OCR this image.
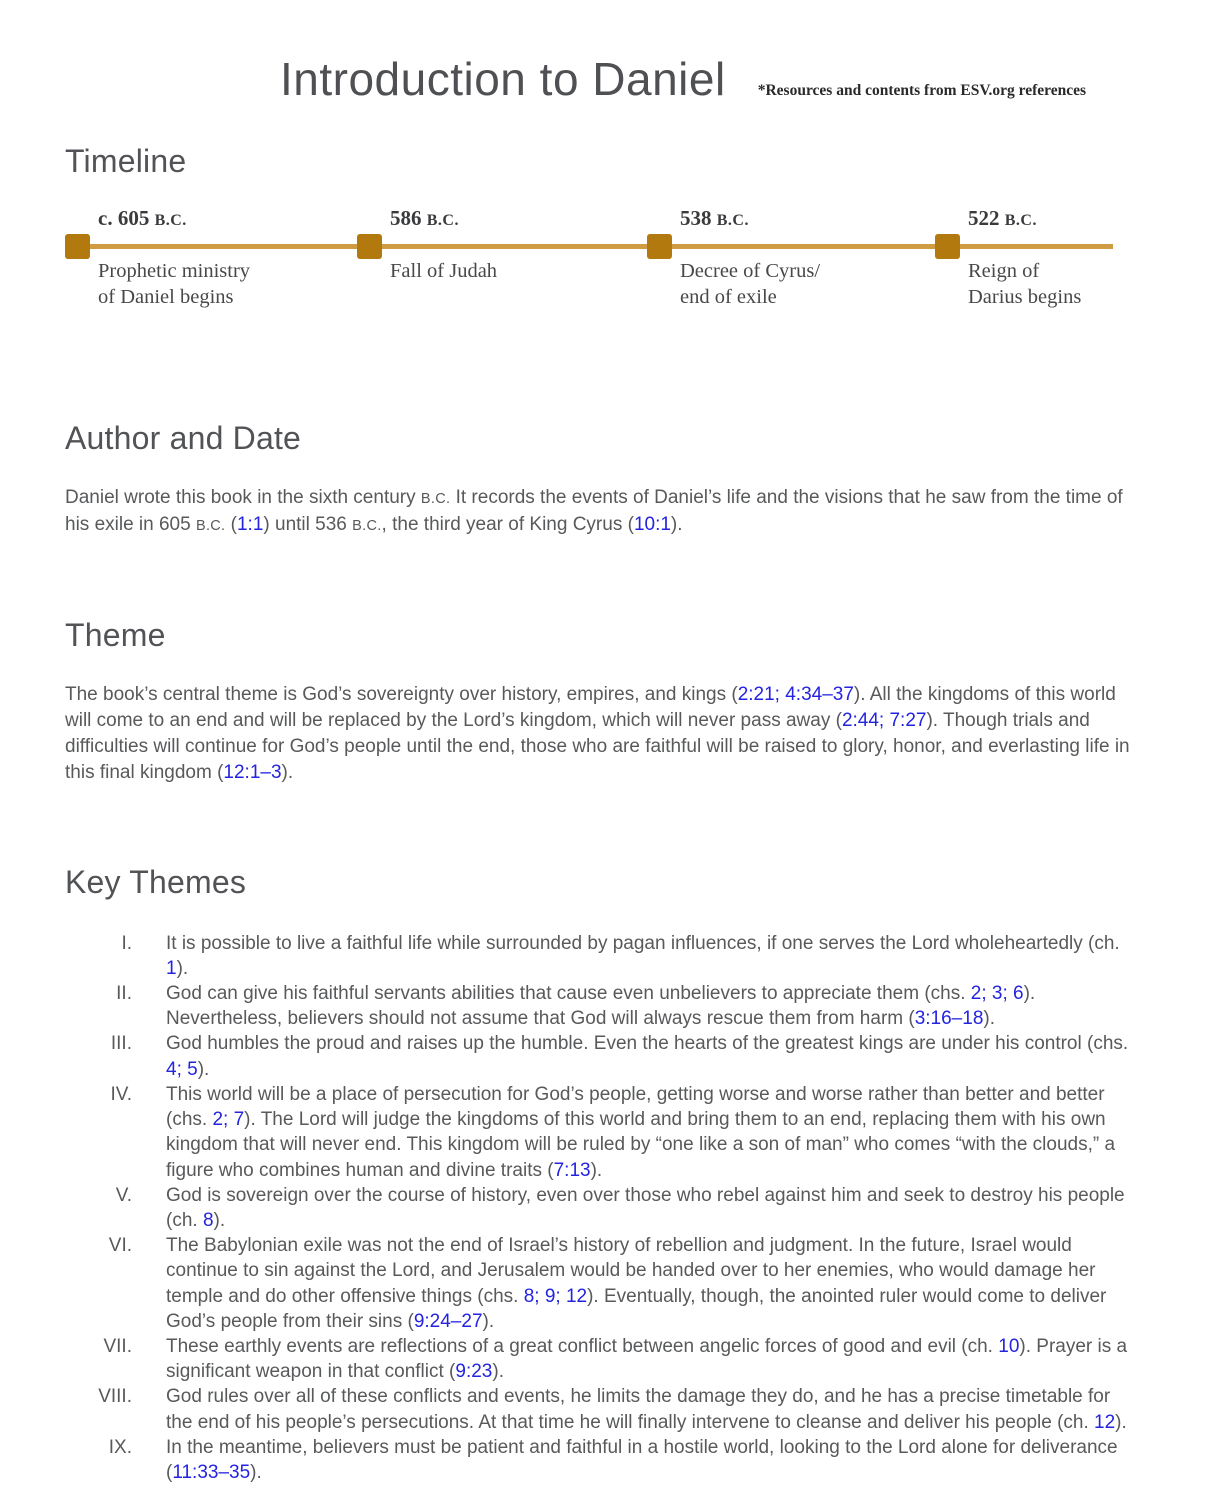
Introduction to Daniel *Resources and contents from ESV.org references
Timeline
c. 605 B.C.
Prophetic ministry
of Daniel begins
586 B.C.
Fall of Judah
538 B.C.
Decree of Cyrus/
end of exile
522 B.C.
Reign of
Darius begins
Author and Date

Daniel wrote this book in the sixth century B.C. It records the events of Daniel’s life and the visions that he saw from the time of his exile in 605 B.C. (1:1) until 536 B.C., the third year of King Cyrus (10:1).

Theme

The book’s central theme is God’s sovereignty over history, empires, and kings (2:21; 4:34–37). All the kingdoms of this world will come to an end and will be replaced by the Lord’s kingdom, which will never pass away (2:44; 7:27). Though trials and difficulties will continue for God’s people until the end, those who are faithful will be raised to glory, honor, and everlasting life in this final kingdom (12:1–3).

Key Themes
I.	It is possible to live a faithful life while surrounded by pagan influences, if one serves the Lord wholeheartedly (ch. 1).
II.	God can give his faithful servants abilities that cause even unbelievers to appreciate them (chs. 2; 3; 6). Nevertheless, believers should not assume that God will always rescue them from harm (3:16–18).
III.	God humbles the proud and raises up the humble. Even the hearts of the greatest kings are under his control (chs. 4; 5).
IV.	This world will be a place of persecution for God’s people, getting worse and worse rather than better and better (chs. 2; 7). The Lord will judge the kingdoms of this world and bring them to an end, replacing them with his own kingdom that will never end. This kingdom will be ruled by “one like a son of man” who comes “with the clouds,” a figure who combines human and divine traits (7:13).
V.	God is sovereign over the course of history, even over those who rebel against him and seek to destroy his people (ch. 8).
VI.	The Babylonian exile was not the end of Israel’s history of rebellion and judgment. In the future, Israel would continue to sin against the Lord, and Jerusalem would be handed over to her enemies, who would damage her temple and do other offensive things (chs. 8; 9; 12). Eventually, though, the anointed ruler would come to deliver God’s people from their sins (9:24–27).
VII.	These earthly events are reflections of a great conflict between angelic forces of good and evil (ch. 10). Prayer is a significant weapon in that conflict (9:23).
VIII.	God rules over all of these conflicts and events, he limits the damage they do, and he has a precise timetable for the end of his people’s persecutions. At that time he will finally intervene to cleanse and deliver his people (ch. 12).
IX.	In the meantime, believers must be patient and faithful in a hostile world, looking to the Lord alone for deliverance (11:33–35).
